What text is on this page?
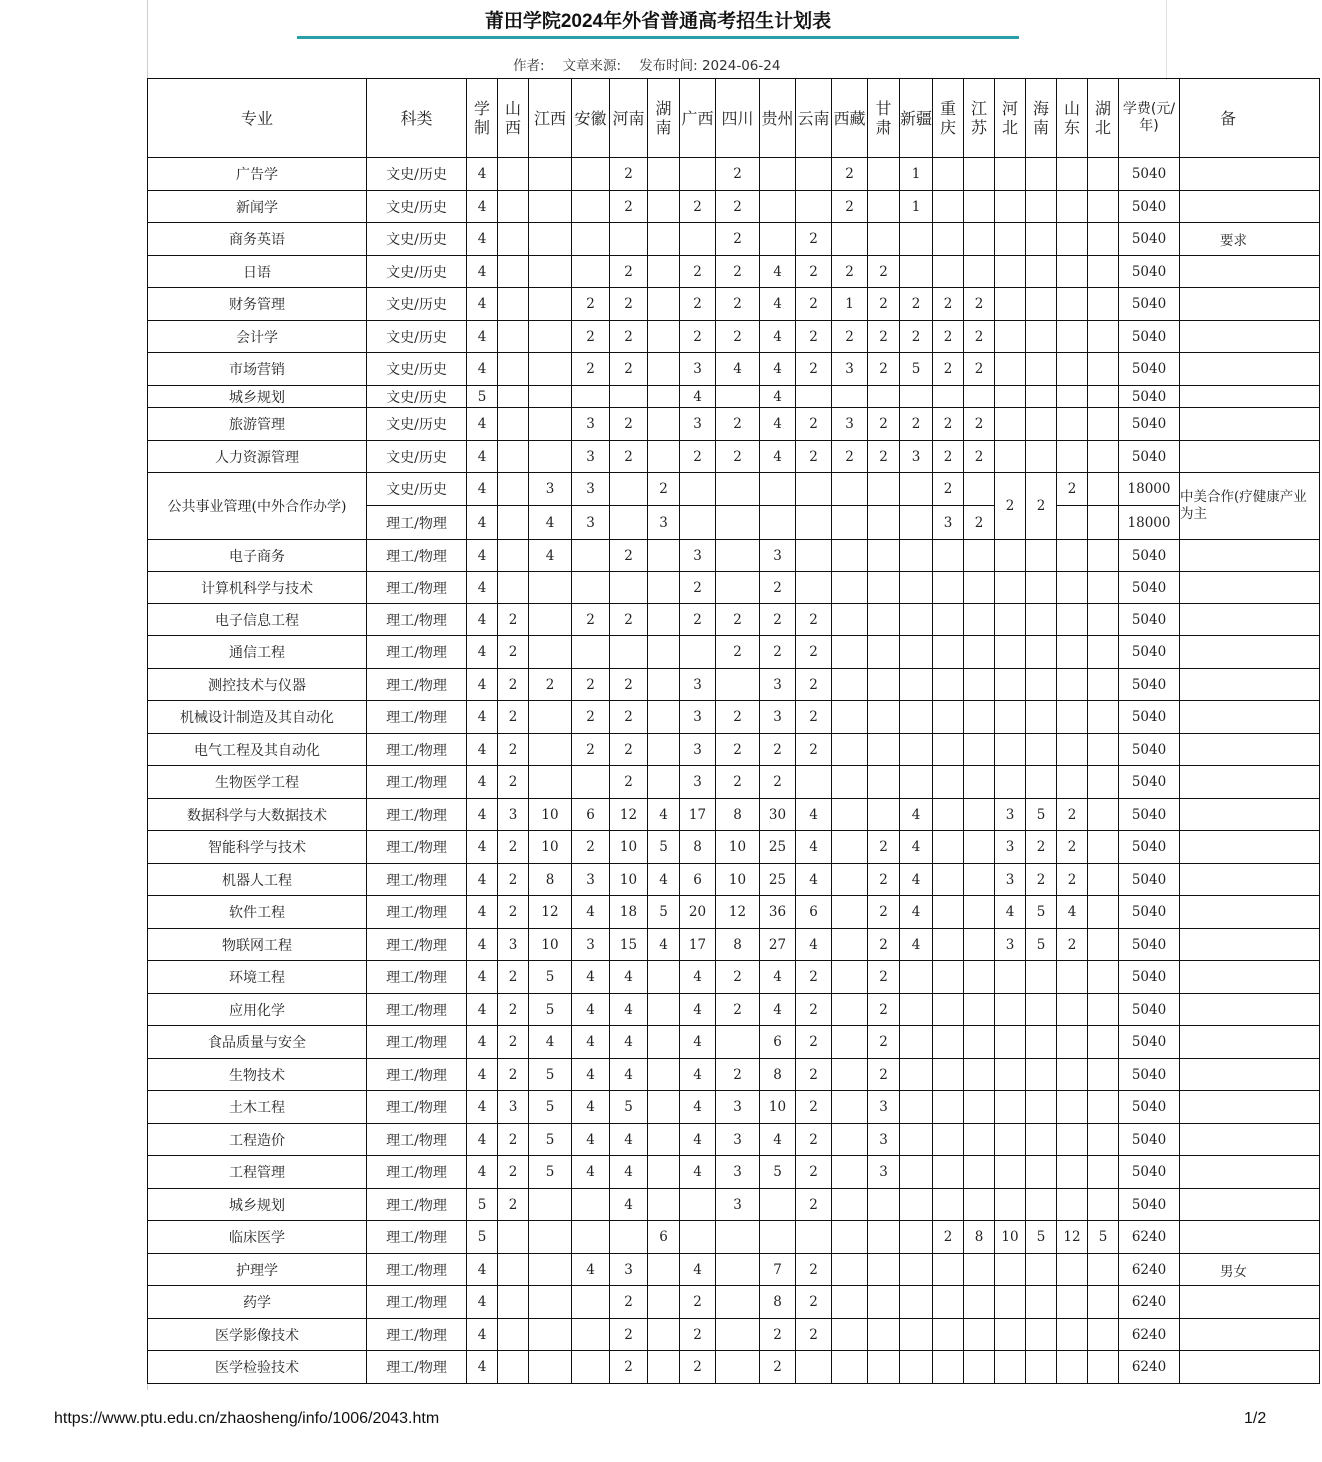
莆田学院2024年外省普通高考招生计划表
作者: 文章来源: 发布时间: 2024-06-24
专业	科类	学制	山西	江西	安徽	河南	湖南	广西	四川	贵州	云南	西藏	甘肃	新疆	重庆	江苏	河北	海南	山东	湖北	学费(元/年)	备
广告学	文史/历史	4				2			2			2		1							5040	
新闻学	文史/历史	4				2		2	2			2		1							5040	
商务英语	文史/历史	4							2		2										5040	要求
日语	文史/历史	4				2		2	2	4	2	2	2								5040	
财务管理	文史/历史	4			2	2		2	2	4	2	1	2	2	2	2					5040	
会计学	文史/历史	4			2	2		2	2	4	2	2	2	2	2	2					5040	
市场营销	文史/历史	4			2	2		3	4	4	2	3	2	5	2	2					5040	
城乡规划	文史/历史	5						4		4											5040	
旅游管理	文史/历史	4			3	2		3	2	4	2	3	2	2	2	2					5040	
人力资源管理	文史/历史	4			3	2		2	2	4	2	2	2	3	2	2					5040	
公共事业管理(中外合作办学)	文史/历史	4		3	3		2								2		2	2	2		18000	中美合作(疗健康产业为主
	理工/物理	4		4	3		3								3	2					18000	
电子商务	理工/物理	4		4		2		3		3											5040	
计算机科学与技术	理工/物理	4						2		2											5040	
电子信息工程	理工/物理	4	2		2	2		2	2	2	2										5040	
通信工程	理工/物理	4	2						2	2	2										5040	
测控技术与仪器	理工/物理	4	2	2	2	2		3		3	2										5040	
机械设计制造及其自动化	理工/物理	4	2		2	2		3	2	3	2										5040	
电气工程及其自动化	理工/物理	4	2		2	2		3	2	2	2										5040	
生物医学工程	理工/物理	4	2			2		3	2	2											5040	
数据科学与大数据技术	理工/物理	4	3	10	6	12	4	17	8	30	4			4			3	5	2		5040	
智能科学与技术	理工/物理	4	2	10	2	10	5	8	10	25	4		2	4			3	2	2		5040	
机器人工程	理工/物理	4	2	8	3	10	4	6	10	25	4		2	4			3	2	2		5040	
软件工程	理工/物理	4	2	12	4	18	5	20	12	36	6		2	4			4	5	4		5040	
物联网工程	理工/物理	4	3	10	3	15	4	17	8	27	4		2	4			3	5	2		5040	
环境工程	理工/物理	4	2	5	4	4		4	2	4	2		2								5040	
应用化学	理工/物理	4	2	5	4	4		4	2	4	2		2								5040	
食品质量与安全	理工/物理	4	2	4	4	4		4		6	2		2								5040	
生物技术	理工/物理	4	2	5	4	4		4	2	8	2		2								5040	
土木工程	理工/物理	4	3	5	4	5		4	3	10	2		3								5040	
工程造价	理工/物理	4	2	5	4	4		4	3	4	2		3								5040	
工程管理	理工/物理	4	2	5	4	4		4	3	5	2		3								5040	
城乡规划	理工/物理	5	2			4			3		2										5040	
临床医学	理工/物理	5					6								2	8	10	5	12	5	6240	
护理学	理工/物理	4			4	3		4		7	2										6240	男女
药学	理工/物理	4				2		2		8	2										6240	
医学影像技术	理工/物理	4				2		2		2	2										6240	
医学检验技术	理工/物理	4				2		2		2											6240	
https://www.ptu.edu.cn/zhaosheng/info/1006/2043.htm	1/2
